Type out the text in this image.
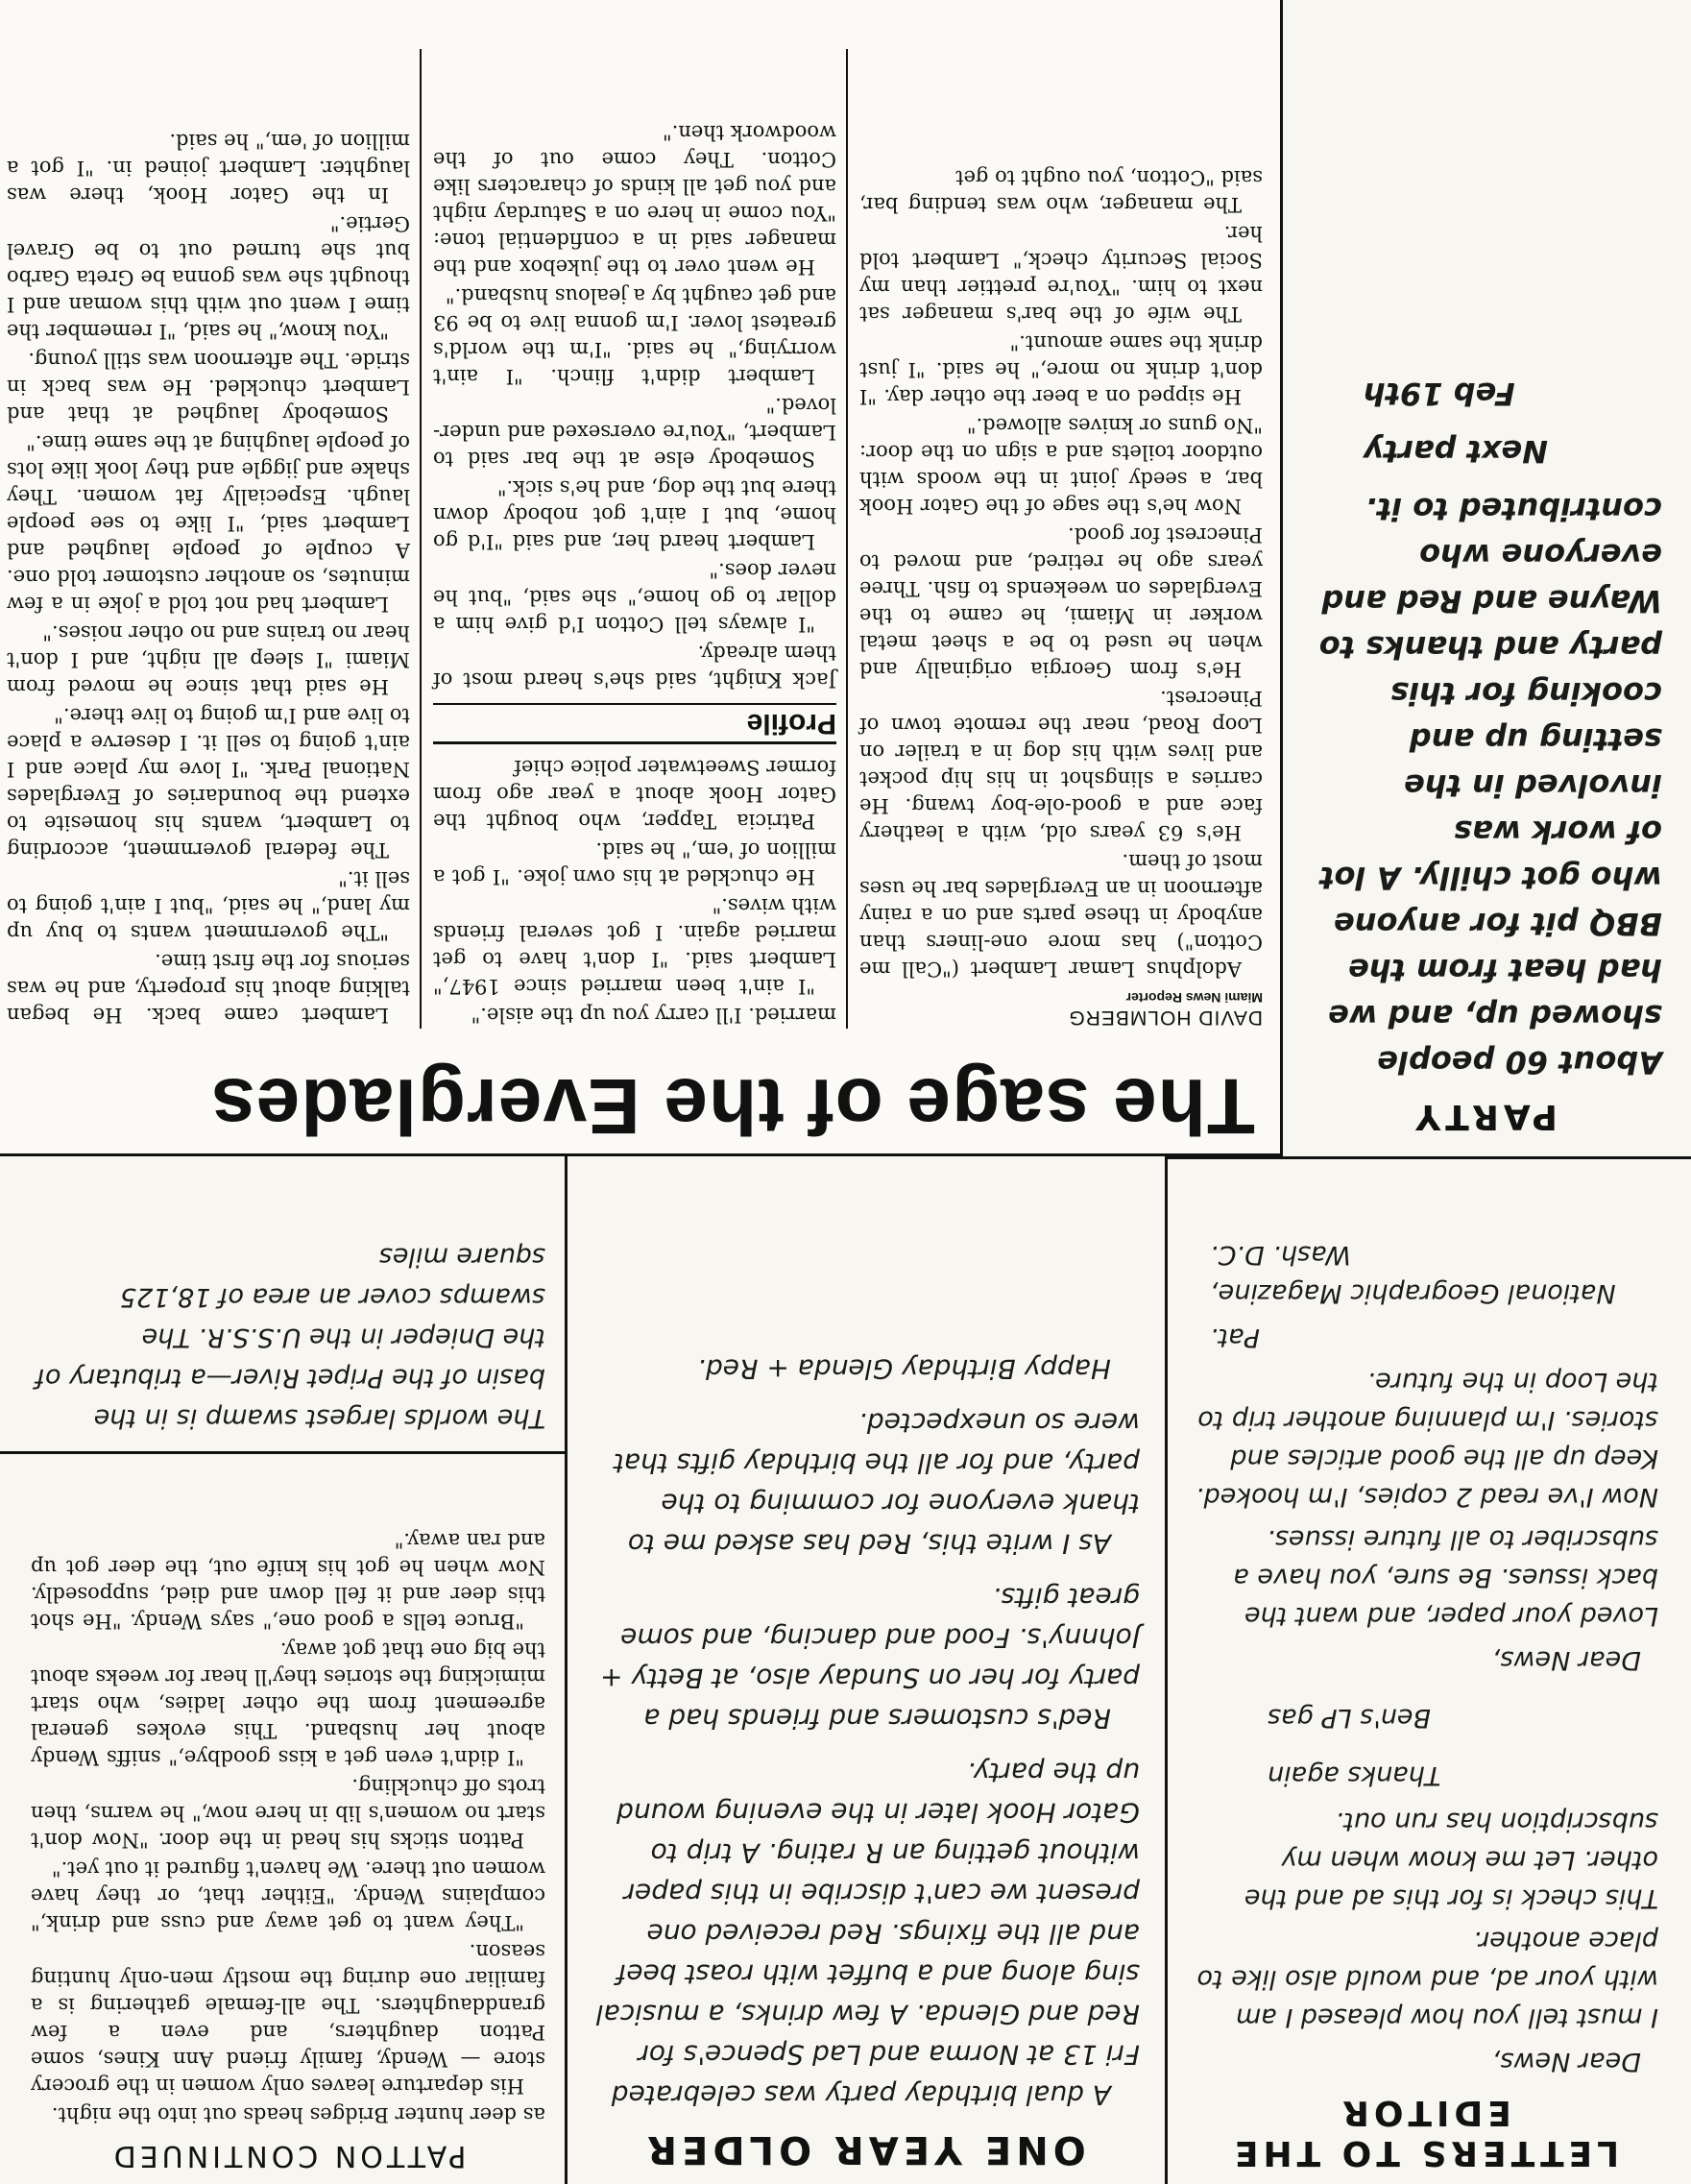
LETTERS TO THE EDITOR

Dear News,

I must tell you how pleased I am with your ad, and would also like to place another.

This check is for this ad and the other. Let me know when my subscription has run out.

Thanks again

Ben's LP gas

Dear News,

Loved your paper, and want the back issues. Be sure, you have a subscriber to all future issues.

Now I've read 2 copies, I'm hooked. Keep up all the good articles and stories. I'm planning another trip to the Loop in the future.

Pat.

National Geographic Magazine, Wash. D.C.

ONE YEAR OLDER

A dual birthday party was celebrated Fri 13 at Norma and Lad Spence's for Red and Glenda. A few drinks, a musical sing along and a buffet with roast beef and all the fixings. Red received one present we can't discribe in this paper without getting an R rating. A trip to Gator Hook later in the evening wound up the party.

Red's customers and friends had a party for her on Sunday also, at Betty + Johnny's. Food and dancing, and some great gifts.

As I write this, Red has asked me to thank everyone for comming to the party, and for all the birthday gifts that were so unexpected.

Happy Birthday Glenda + Red.

PATTON CONTINUED

as deer hunter Bridges heads out into the night.

His departure leaves only women in the grocery store — Wendy, family friend Ann Kines, some Patton daughters, and even a few granddaughters. The all-female gathering is a familiar one during the mostly men-only hunting season.

"They want to get away and cuss and drink," complains Wendy. "Either that, or they have women out there. We haven't figured it out yet."

Patton sticks his head in the door. "Now don't start no women's lib in here now," he warns, then trots off chuckling.

"I didn't even get a kiss goodbye," sniffs Wendy about her husband. This evokes general agreement from the other ladies, who start mimicking the stories they'll hear for weeks about the big one that got away.

"Bruce tells a good one," says Wendy. "He shot this deer and it fell down and died, supposedly. Now when he got his knife out, the deer got up and ran away."

The worlds largest swamp is in the basin of the Pripet River—a tributary of the Dnieper in the U.S.S.R. The swamps cover an area of 18,125 square miles
PARTY

About 60 people showed up, and we had heat from the BBQ pit for anyone who got chilly. A lot of work was involved in the setting up and cooking for this party and thanks to Wayne and Red and everyone who contributed to it.

Next party

Feb 19th

The sage of the Everglades

DAVID HOLMBERG

Miami News Reporter

Adolphus Lamar Lambert ("Call me Cotton") has more one-liners than anybody in these parts and on a rainy afternoon in an Everglades bar he uses most of them.

He's 63 years old, with a leathery face and a good-ole-boy twang. He carries a slingshot in his hip pocket and lives with his dog in a trailer on Loop Road, near the remote town of Pinecrest.

He's from Georgia originally and when he used to be a sheet metal worker in Miami, he came to the Everglades on weekends to fish. Three years ago he retired, and moved to Pinecrest for good.

Now he's the sage of the Gator Hook bar, a seedy joint in the woods with outdoor toilets and a sign on the door: "No guns or knives allowed."

He sipped on a beer the other day. "I don't drink no more," he said. "I just drink the same amount."

The wife of the bar's manager sat next to him. "You're prettier than my Social Security check," Lambert told her.

The manager, who was tending bar, said "Cotton, you ought to get

married. I'll carry you up the aisle."

"I ain't been married since 1947," Lambert said. "I don't have to get married again. I got several friends with wives."

He chuckled at his own joke. "I got a million of 'em," he said.

Patricia Tapper, who bought the Gator Hook about a year ago from former Sweetwater police chief

Profile

Jack Knight, said she's heard most of them already.

"I always tell Cotton I'd give him a dollar to go home," she said, "but he never does."

Lambert heard her, and said "I'd go home, but I ain't got nobody down there but the dog, and he's sick."

Somebody else at the bar said to Lambert, "You're oversexed and under-loved."

Lambert didn't flinch. "I ain't worrying," he said. "I'm the world's greatest lover. I'm gonna live to be 93 and get caught by a jealous husband."

He went over to the jukebox and the manager said in a confidential tone: "You come in here on a Saturday night and you get all kinds of characters like Cotton. They come out of the woodwork then."

Lambert came back. He began talking about his property, and he was serious for the first time.

"The government wants to buy up my land," he said, "but I ain't going to sell it."

The federal government, according to Lambert, wants his homesite to extend the boundaries of Everglades National Park. "I love my place and I ain't going to sell it. I deserve a place to live and I'm going to live there."

He said that since he moved from Miami "I sleep all night, and I don't hear no trains and no other noises."

Lambert had not told a joke in a few minutes, so another customer told one. A couple of people laughed and Lambert said, "I like to see people laugh. Especially fat women. They shake and jiggle and they look like lots of people laughing at the same time."

Somebody laughed at that and Lambert chuckled. He was back in stride. The afternoon was still young.

"You know," he said, "I remember the time I went out with this woman and I thought she was gonna be Greta Garbo but she turned out to be Gravel Gertie."

In the Gator Hook, there was laughter. Lambert joined in. "I got a million of 'em," he said.
